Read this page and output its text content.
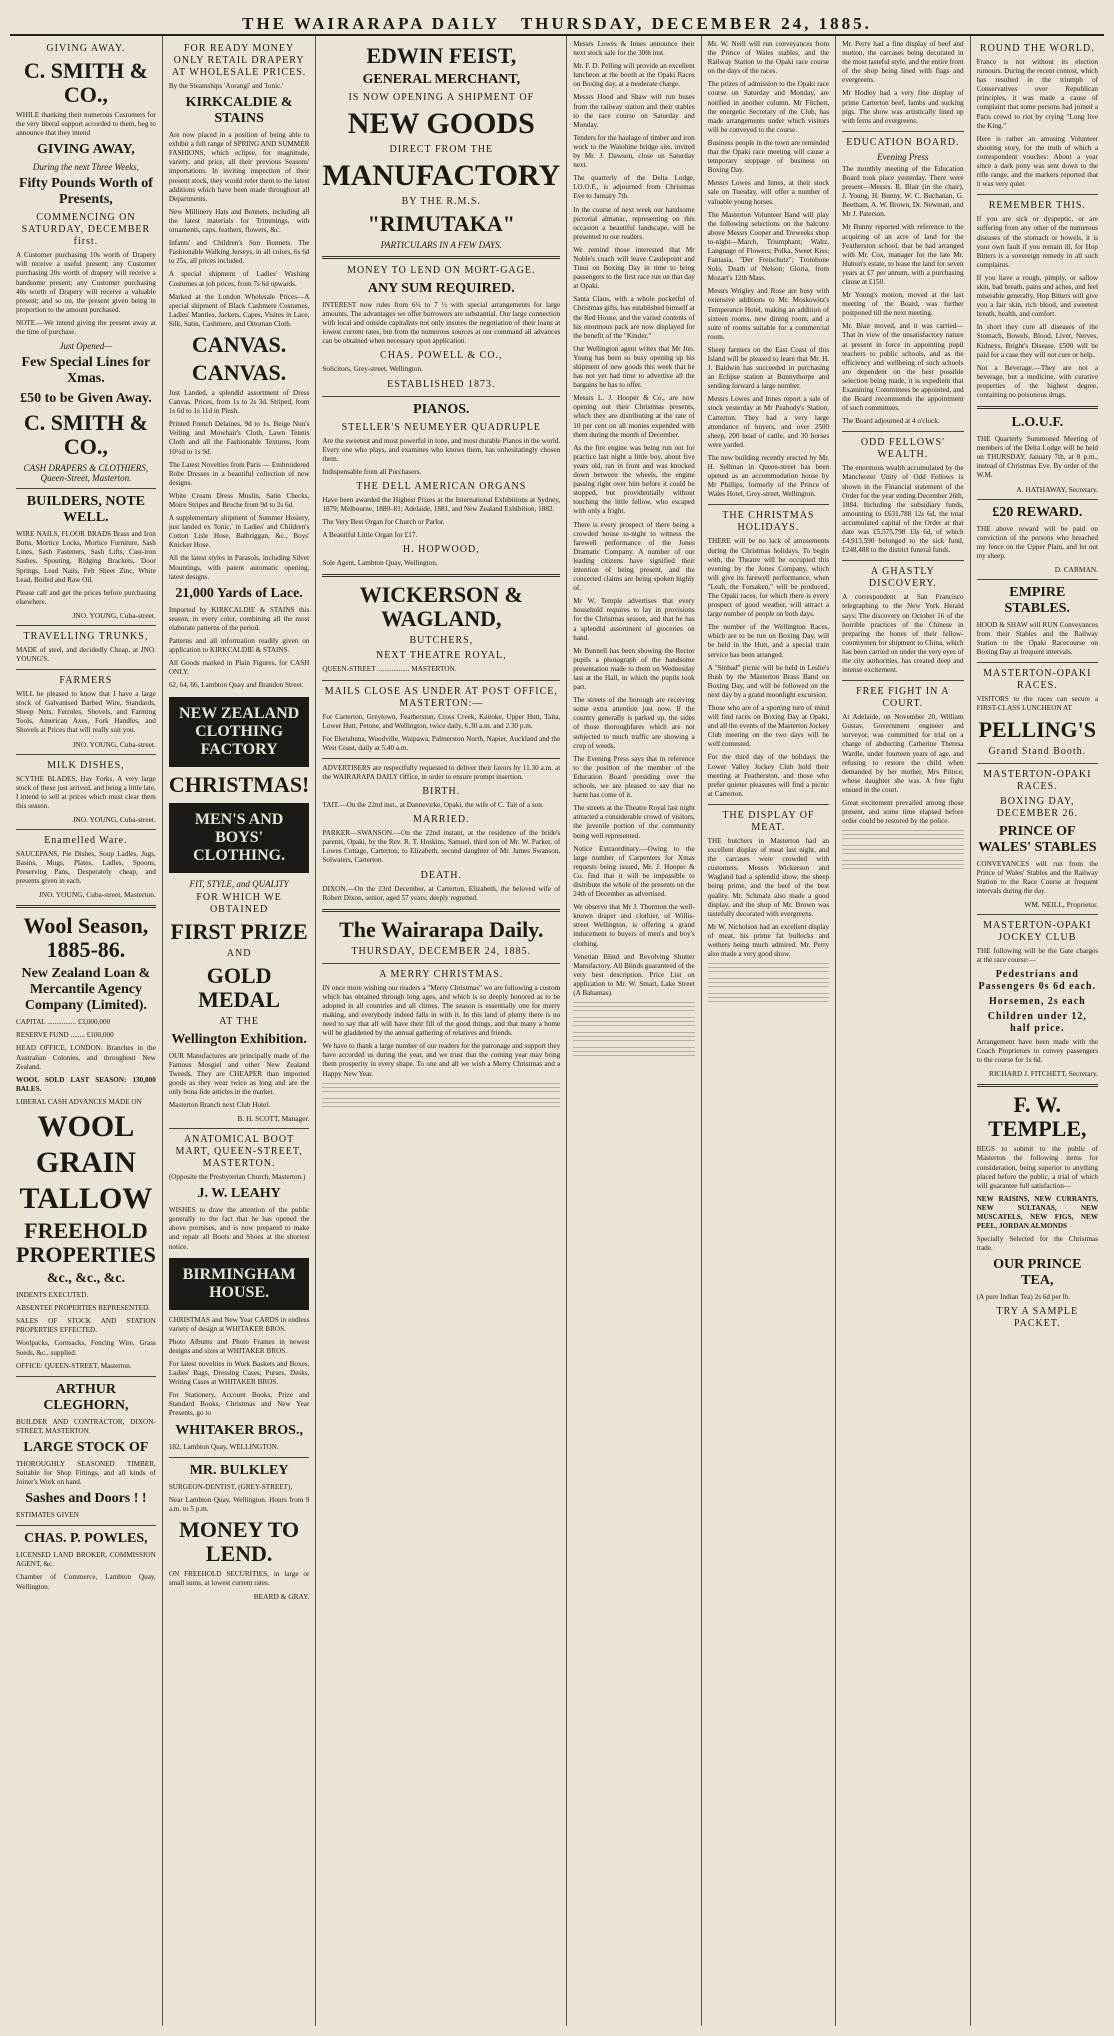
THE WAIRARAPA DAILY THURSDAY, DECEMBER 24, 1885.
GIVING AWAY.
C. SMITH & CO.,

WHILE thanking their numerous Customers for the very liberal support accorded to them, beg to announce that they intend

GIVING AWAY,
During the next Three Weeks,
Fifty Pounds Worth of Presents,
COMMENCING ON SATURDAY, DECEMBER first.

A Customer purchasing 10s worth of Drapery will receive a useful present; any Customer purchasing 20s worth of drapery will receive a handsome present; any Customer purchasing 40s worth of Drapery will receive a valuable present; and so on, the present given being in proportion to the amount purchased.

NOTE.—We intend giving the present away at the time of purchase.

Just Opened—
Few Special Lines for Xmas.
£50 to be Given Away.
C. SMITH & CO.,
CASH DRAPERS & CLOTHIERS, Queen-Street, Masterton.
BUILDERS, NOTE WELL.

WIRE NAILS, FLOOR BRADS Brass and Iron Butts, Mortice Locks, Mortice Furniture, Sash Lines, Sash Fasteners, Sash Lifts, Cast-iron Sashes, Spouting, Ridging Brackets, Door Springs, Lead Nails, Felt Sheet Zinc, White Lead, Boiled and Raw Oil.

Please call and get the prices before purchasing elsewhere.

JNO. YOUNG, Cuba-street.
TRAVELLING TRUNKS,

MADE of steel, and decidedly Cheap, at JNO. YOUNG'S.

FARMERS

WILL be pleased to know that I have a large stock of Galvanised Barbed Wire, Standards, Sheep Nets, Ferrules, Shovels, and Farming Tools, American Axes, Fork Handles, and Shovels at Prices that will really suit you.

JNO. YOUNG, Cuba-street.
MILK DISHES,

SCYTHE BLADES, Hay Forks. A very large stock of these just arrived, and being a little late, I intend to sell at prices which must clear them this season.

JNO. YOUNG, Cuba-street.
Enamelled Ware.

SAUCEPANS, Pie Dishes, Soup Ladles, Jugs, Basins, Mugs, Plates, Ladles, Spoons, Preserving Pans, Desperately cheap, and presents given in each.

JNO. YOUNG, Cuba-street, Masterton.
Wool Season, 1885-86.
New Zealand Loan & Mercantile Agency Company (Limited).

CAPITAL ................ £3,000,000

RESERVE FUND ........ £100,000

HEAD OFFICE, LONDON. Branches in the Australian Colonies, and throughout New Zealand.

WOOL SOLD LAST SEASON: 130,000 BALES.

LIBERAL CASH ADVANCES MADE ON

WOOL
GRAIN
TALLOW
FREEHOLD PROPERTIES
&c., &c., &c.

INDENTS EXECUTED.

ABSENTEE PROPERTIES REPRESENTED.

SALES OF STOCK AND STATION PROPERTIES EFFECTED.

Woolpacks, Cornsacks, Fencing Wire, Grass Seeds, &c., supplied.

OFFICE: QUEEN-STREET, Masterton.

ARTHUR CLEGHORN,

BUILDER AND CONTRACTOR, DIXON-STREET, MASTERTON.

LARGE STOCK OF

THOROUGHLY SEASONED TIMBER, Suitable for Shop Fittings, and all kinds of Joiner's Work on hand.

Sashes and Doors ! !

ESTIMATES GIVEN

CHAS. P. POWLES,

LICENSED LAND BROKER, COMMISSION AGENT, &c.

Chamber of Commerce, Lambton Quay, Wellington.

FOR READY MONEY ONLY RETAIL DRAPERY AT WHOLESALE PRICES.

By the Steamships 'Aorangi' and 'Ionic.'

KIRKCALDIE & STAINS

Are now placed in a position of being able to exhibit a full range of SPRING AND SUMMER FASHIONS, which eclipse, for magnitude, variety, and price, all their previous Seasons' importations. In inviting inspection of their present stock, they would refer them to the latest additions which have been made throughout all Departments.

New Millinery Hats and Bonnets, including all the latest materials for Trimmings, with ornaments, caps, feathers, flowers, &c.

Infants' and Children's Sun Bonnets. The Fashionable Walking Jerseys, in all colors, 6s 6d to 25s, all prices included.

A special shipment of Ladies' Washing Costumes at job prices, from 7s 6d upwards.

Marked at the London Wholesale Prices—A special shipment of Black Cashmere Costumes, Ladies' Mantles, Jackets, Capes, Visites in Lace, Silk, Satin, Cashmere, and Ottoman Cloth.

CANVAS.
CANVAS.

Just Landed, a splendid assortment of Dress Canvas. Prices, from 1s to 2s 3d. Striped, from 1s 6d to 1s 11d in Plush.

Printed French Delaines, 9d to 1s. Beige Nun's Veiling and Mowhair's Cloth, Lawn Tennis Cloth and all the Fashionable Textures, from 10½d to 1s 9d.

The Latest Novelties from Paris — Embroidered Robe Dresses in a beautiful collection of new designs.

White Cream Dress Muslin, Satin Checks, Moire Stripes and Broche from 9d to 2s 6d.

A supplementary shipment of Summer Hosiery, just landed ex 'Ionic,' in Ladies' and Children's Cotton Lisle Hose, Balbriggan, &c., Boys' Knicker Hose.

All the latest styles in Parasols, including Silver Mountings, with patent automatic opening, latest designs.

21,000 Yards of Lace.

Imported by KIRKCALDIE & STAINS this season, in every color, combining all the most elaborate patterns of the period.

Patterns and all information readily given on application to KIRKCALDIE & STAINS.

All Goods marked in Plain Figures, for CASH ONLY.

62, 64, 66, Lambton Quay and Brandon Street.

NEW ZEALAND CLOTHING FACTORY
CHRISTMAS!
MEN'S AND BOYS' CLOTHING.
FIT, STYLE, and QUALITY
FOR WHICH WE OBTAINED
FIRST PRIZE
AND
GOLD MEDAL
AT THE
Wellington Exhibition.

OUR Manufactures are principally made of the Famous Mosgiel and other New Zealand Tweeds. They are CHEAPER than imported goods as they wear twice as long and are the only bona fide articles in the market.

Masterton Branch next Club Hotel.

B. H. SCOTT, Manager.
ANATOMICAL BOOT MART, QUEEN-STREET, MASTERTON.

(Opposite the Presbyterian Church, Masterton.)

J. W. LEAHY

WISHES to draw the attention of the public generally to the fact that he has opened the above premises, and is now prepared to make and repair all Boots and Shoes at the shortest notice.

BIRMINGHAM HOUSE.

CHRISTMAS and New Year CARDS in endless variety of design at WHITAKER BROS.

Photo Albums and Photo Frames in newest designs and sizes at WHITAKER BROS.

For latest novelties in Work Baskets and Boxes, Ladies' Bags, Dressing Cases, Purses, Desks, Writing Cases at WHITAKER BROS.

For Stationery, Account Books, Prize and Standard Books, Christmas and New Year Presents, go to

WHITAKER BROS.,

182, Lambton Quay, WELLINGTON.

MR. BULKLEY

SURGEON-DENTIST, (GREY-STREET),

Near Lambton Quay, Wellington. Hours from 9 a.m. to 5 p.m.

MONEY TO LEND.

ON FREEHOLD SECURITIES, in large or small sums, at lowest current rates.

BEARD & GRAY.
EDWIN FEIST,
GENERAL MERCHANT,
IS NOW OPENING A SHIPMENT OF
NEW GOODS
DIRECT FROM THE
MANUFACTORY
BY THE R.M.S.
"RIMUTAKA"
PARTICULARS IN A FEW DAYS.
MONEY TO LEND ON MORT-GAGE.
ANY SUM REQUIRED.

INTEREST now rules from 6¼ to 7 ½ with special arrangements for large amounts. The advantages we offer borrowers are substantial. Our large connection with local and outside capitalists not only insures the negotiation of their loans at lowest current rates, but from the numerous sources at our command all advances can be obtained when necessary upon application.

CHAS. POWELL & CO.,

Solicitors, Grey-street, Wellington.

ESTABLISHED 1873.
PIANOS.
STELLER'S NEUMEYER QUADRUPLE

Are the sweetest and most powerful in tone, and most durable Pianos in the world. Every one who plays, and examines who knows them, has unhesitatingly chosen them.

Indispensable from all Purchasers.

THE DELL AMERICAN ORGANS

Have been awarded the Highest Prizes at the International Exhibitions at Sydney, 1879; Melbourne, 1880–81; Adelaide, 1881, and New Zealand Exhibition, 1882.

The Very Best Organ for Church or Parlor.

A Beautiful Little Organ for £17.

H. HOPWOOD,

Sole Agent, Lambton Quay, Wellington.

WICKERSON & WAGLAND,
BUTCHERS,
NEXT THEATRE ROYAL,

QUEEN-STREET .................. MASTERTON.

MAILS CLOSE AS UNDER AT POST OFFICE, MASTERTON:—

For Carterton, Greytown, Featherston, Cross Creek, Kaitoke, Upper Hutt, Taita, Lower Hutt, Petone, and Wellington, twice daily, 6.30 a.m. and 2.30 p.m.

For Eketahuna, Woodville, Waipawa, Palmerston North, Napier, Auckland and the West Coast, daily at 5.40 a.m.

ADVERTISERS are respectfully requested to deliver their favors by 11.30 a.m. at the WAIRARAPA DAILY Office, in order to ensure prompt insertion.

BIRTH.

TAIT.—On the 22nd inst., at Dannevirke, Opaki, the wife of C. Tait of a son.

MARRIED.

PARKER—SWANSON.—On the 22nd instant, at the residence of the bride's parents, Opaki, by the Rev. R. T. Hoskins, Samuel, third son of Mr. W. Parker, of Lowes Cottage, Carterton, to Elizabeth, second daughter of Mr. James Swanson, Solwaters, Carterton.

DEATH.

DIXON.—On the 23rd December, at Carterton, Elizabeth, the beloved wife of Robert Dixon, senior, aged 57 years; deeply regretted.

The Wairarapa Daily.
THURSDAY, DECEMBER 24, 1885.
A MERRY CHRISTMAS.

IN once more wishing our readers a "Merry Christmas" we are following a custom which has obtained through long ages, and which is so deeply honored as to be adopted in all countries and all climes. The season is essentially one for merry making, and everybody indeed falls in with it. In this land of plenty there is no need to say that all will have their fill of the good things, and that many a home will be gladdened by the annual gathering of relatives and friends.

We have to thank a large number of our readers for the patronage and support they have accorded us during the year, and we trust that the coming year may bring them prosperity in every shape. To one and all we wish a Merry Christmas and a Happy New Year.

Messrs Lowes & Innes announce their next stock sale for the 30th inst.

Mr. F. D. Pelling will provide an excellent luncheon at the booth at the Opaki Races on Boxing day, at a moderate charge.

Messrs Hood and Shaw will run buses from the railway station and their stables to the race course on Saturday and Monday.

Tenders for the haulage of timber and iron work to the Waiohine bridge site, invited by Mr. J. Dawson, close on Saturday next.

The quarterly of the Delta Lodge, I.O.O.F., is adjourned from Christmas Eve to January 7th.

In the course of next week our handsome pictorial almanac, representing on this occasion a beautiful landscape, will be presented to our readers.

We remind those interested that Mr Noble's coach will leave Castlepoint and Tinui on Boxing Day in time to bring passengers to the first race run on that day at Opaki.

Santa Claus, with a whole pocketful of Christmas gifts, has established himself at the Red House, and the varied contents of his enormous pack are now displayed for the benefit of the "Kinder."

Our Wellington agent writes that Mr Jno. Young has been so busy opening up his shipment of new goods this week that he has not yet had time to advertise all the bargains he has to offer.

Messrs L. J. Hooper & Co., are now opening out their Christmas presents, which they are distributing at the rate of 10 per cent on all monies expended with them during the month of December.

As the fire engine was being run out for practice last night a little boy, about five years old, ran in front and was knocked down between the wheels, the engine passing right over him before it could be stopped, but providentially without touching the little fellow, who escaped with only a fright.

There is every prospect of there being a crowded house to-night to witness the farewell performance of the Jones Dramatic Company. A number of our leading citizens have signified their intention of being present, and the concerted claims are being spoken highly of.

Mr W. Temple advertises that every household requires to lay in provisions for the Christmas season, and that he has a splendid assortment of groceries on hand.

Mr Bunnell has been showing the Rector pupils a photograph of the handsome presentation made to them on Wednesday last at the Hall, in which the pupils took part.

The streets of the borough are receiving some extra attention just now. If the country generally is parked up, the sides of those thoroughfares which are not subjected to much traffic are showing a crop of weeds.

The Evening Press says that in reference to the position of the member of the Education Board presiding over the schools, we are pleased to say that no harm has come of it.

The streets at the Theatre Royal last night attracted a considerable crowd of visitors, the juvenile portion of the community being well represented.

Notice Extraordinary.—Owing to the large number of Carpenters for Xmas requests being issued, Mr. J. Hooper & Co. find that it will be impossible to distribute the whole of the presents on the 24th of December as advertised.

We observe that Mr J. Thornton the well-known draper and clothier, of Willis-street Wellington, is offering a grand inducement to buyers of men's and boy's clothing.

Venetian Blind and Revolving Shutter Manufactory. All Blinds guaranteed of the very best description. Price List on application to Mr. W. Smart, Lake Street (A Bahamas).

Mr. W. Neill will run conveyances from the Prince of Wales stables, and the Railway Station to the Opaki race course on the days of the races.

The prizes of admission to the Opaki race course on Saturday and Monday, are notified in another column. Mr Fitchett, the energetic Secretary of the Club, has made arrangements under which visitors will be conveyed to the course.

Business people in the town are reminded that the Opaki race meeting will cause a temporary stoppage of business on Boxing Day.

Messrs Lowes and Innes, at their stock sale on Tuesday, will offer a number of valuable young horses.

The Masterton Volunteer Band will play the following selections on the balcony above Messrs Cooper and Treweeks shop to-night—March, Triumphant; Waltz, Language of Flowers; Polka, Sweet Kiss; Fantasia, "Der Freischutz"; Trombone Solo, Death of Nelson; Gloria, from Mozart's 12th Mass.

Messrs Wrigley and Rose are busy with extensive additions to Mr. Moskowitz's Temperance Hotel, making an addition of sixteen rooms, new dining room, and a suite of rooms suitable for a commercial room.

Sheep farmers on the East Coast of this Island will be pleased to learn that Mr. H. J. Baldwin has succeeded in purchasing an Eclipse station at Bunnythorpe and sending forward a large number.

Messrs Lowes and Innes report a sale of stock yesterday at Mr Peabody's Station, Carterton. They had a very large attendance of buyers, and over 2500 sheep, 200 head of cattle, and 30 horses were yarded.

The new building recently erected by Mr. H. Sellman in Queen-street has been opened as an accommodation house by Mr Phillips, formerly of the Prince of Wales Hotel, Grey-street, Wellington.

THE CHRISTMAS HOLIDAYS.

THERE will be no lack of amusements during the Christmas holidays. To begin with, the Theatre will be occupied this evening by the Jones Company, which will give its farewell performance, when "Leah, the Forsaken," will be produced. The Opaki races, for which there is every prospect of good weather, will attract a large number of people on both days.

The number of the Wellington Races, which are to be run on Boxing Day, will be held in the Hutt, and a special train service has been arranged.

A "Sinbad" picnic will be held in Leslie's Bush by the Masterton Brass Band on Boxing Day, and will be followed on the next day by a grand moonlight excursion.

Those who are of a sporting turn of mind will find races on Boxing Day at Opaki, and all the events of the Masterton Jockey Club meeting on the two days will be well contested.

For the third day of the holidays the Lower Valley Jockey Club hold their meeting at Featherston, and those who prefer quieter pleasures will find a picnic at Carterton.

THE DISPLAY OF MEAT.

THE butchers in Masterton had an excellent display of meat last night, and the carcases were crowded with customers. Messrs Wickerson and Wagland had a splendid show, the sheep being prime, and the beef of the best quality. Mr. Schmalz also made a good display, and the shop of Mr. Brown was tastefully decorated with evergreens.

Mr W. Nicholson had an excellent display of meat, his prime fat bullocks and wethers being much admired. Mr. Perry also made a very good show.

Mr. Perry had a fine display of beef and mutton, the carcases being decorated in the most tasteful style, and the entire front of the shop being lined with flags and evergreens.

Mr Hodley had a very fine display of prime Carterton beef, lambs and sucking pigs. The show was artistically lined up with ferns and evergreens.

EDUCATION BOARD.
Evening Press

The monthly meeting of the Education Board took place yesterday. There were present—Messrs. R. Blair (in the chair), J. Young, H. Bunny, W. C. Buchanan, G. Beetham, A. W. Brown, Dr. Newman, and Mr J. Paterson.

Mr Bunny reported with reference to the acquiring of an acre of land for the Featherston school, that he had arranged with Mr. Cox, manager for the late Mr. Hutton's estate, to lease the land for seven years at £7 per annum, with a purchasing clause at £150.

Mr Young's motion, moved at the last meeting of the Board, was further postponed till the next meeting.

Mr. Blair moved, and it was carried—That in view of the unsatisfactory nature at present in force in appointing pupil teachers to public schools, and as the efficiency and wellbeing of such schools are dependent on the best possible selection being made, it is expedient that Examining Committees be appointed, and the Board recommends the appointment of such committees.

The Board adjourned at 4 o'clock.

ODD FELLOWS' WEALTH.

The enormous wealth accumulated by the Manchester Unity of Odd Fellows is shown in the Financial statement of the Order for the year ending December 26th, 1884. Including the subsidiary funds, amounting to £631,788 12s 6d, the total accumulated capital of the Order at that date was £5,575,798 13s 6d, of which £4,913,590 belonged to the sick fund, £248,488 to the district funeral funds.

A GHASTLY DISCOVERY.

A correspondent at San Francisco telegraphing to the New York Herald says: The discovery on October 16 of the horrible practices of the Chinese in preparing the bones of their fellow-countrymen for shipment to China, which has been carried on under the very eyes of the city authorities, has created deep and intense excitement.

FREE FIGHT IN A COURT.

At Adelaide, on November 20, William Gustav, Government engineer and surveyor, was committed for trial on a charge of abducting Catherine Theresa Wardle, under fourteen years of age, and refusing to restore the child when demanded by her mother, Mrs Prince, whose daughter she was. A free fight ensued in the court.

Great excitement prevailed among those present, and some time elapsed before order could be restored by the police.

ROUND THE WORLD.

France is not without its election rumours. During the recent contest, which has resulted in the triumph of Conservatives over Republican principles, it was made a cause of complaint that some persons had joined a Paris crowd to riot by crying "Long live the King."

Here is rather an amusing Volunteer shooting story, for the truth of which a correspondent vouches: About a year since a dark pony was sent down to the rifle range, and the markers reported that it was very quiet.

REMEMBER THIS.

If you are sick or dyspeptic, or are suffering from any other of the numerous diseases of the stomach or bowels, it is your own fault if you remain ill, for Hop Bitters is a sovereign remedy in all such complaints.

If you have a rough, pimply, or sallow skin, bad breath, pains and aches, and feel miserable generally, Hop Bitters will give you a fair skin, rich blood, and sweetest breath, health, and comfort.

In short they cure all diseases of the Stomach, Bowels, Blood, Liver, Nerves, Kidneys, Bright's Disease. £500 will be paid for a case they will not cure or help.

Not a Beverage.—They are not a beverage, but a medicine, with curative properties of the highest degree, containing no poisonous drugs.

L.O.U.F.

THE Quarterly Summoned Meeting of members of the Delta Lodge will be held on THURSDAY, January 7th, at 8 p.m., instead of Christmas Eve. By order of the W.M.

A. HATHAWAY, Secretary.
£20 REWARD.

THE above reward will be paid on conviction of the persons who breached my fence on the Upper Plain, and let out my sheep.

D. CARMAN.
EMPIRE STABLES.

HOOD & SHAW will RUN Conveyances from their Stables and the Railway Station to the Opaki Racecourse on Boxing Day at frequent intervals.

MASTERTON-OPAKI RACES.

VISITORS to the races can secure a FIRST-CLASS LUNCHEON AT

PELLING'S
Grand Stand Booth.
MASTERTON-OPAKI RACES.
BOXING DAY, DECEMBER 26.
PRINCE OF WALES' STABLES

CONVEYANCES will run from the Prince of Wales' Stables and the Railway Station to the Race Course at frequent intervals during the day.

WM. NEILL, Proprietor.
MASTERTON-OPAKI JOCKEY CLUB

THE following will be the Gate charges at the race course:—

Pedestrians and Passengers 0s 6d each.
Horsemen, 2s each
Children under 12, half price.

Arrangement have been made with the Coach Proprietors to convey passengers to the course for 1s 6d.

RICHARD J. FITCHETT, Secretary.
F. W. TEMPLE,

BEGS to submit to the public of Masterton the following items for consideration, being superior to anything placed before the public, a trial of which will guarantee full satisfaction—

NEW RAISINS, NEW CURRANTS, NEW SULTANAS, NEW MUSCATELS, NEW FIGS, NEW PEEL, JORDAN ALMONDS

Specially Selected for the Christmas trade.

OUR PRINCE TEA,

(A pure Indian Tea) 2s 6d per lb.

TRY A SAMPLE PACKET.
